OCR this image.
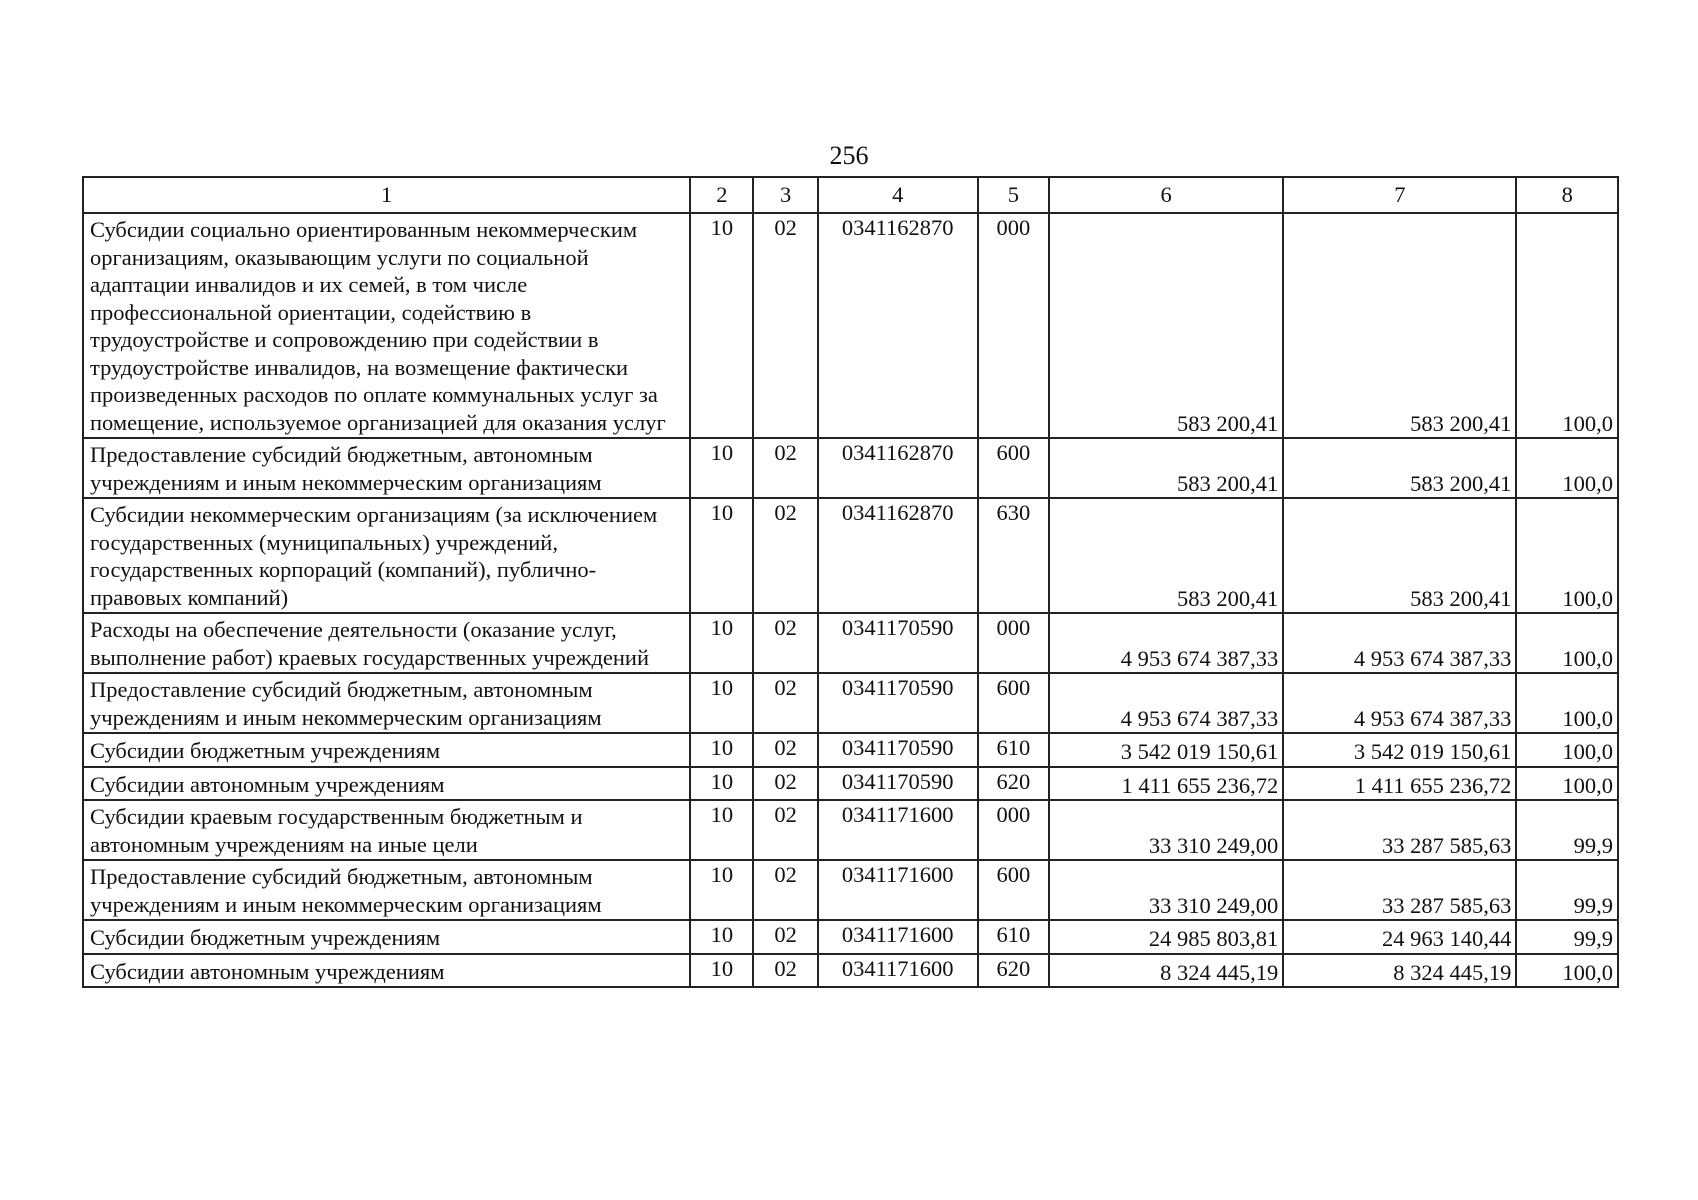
256
1	2	3	4	5	6	7	8
Субсидии социально ориентированным некоммерческим организациям, оказывающим услуги по социальной адаптации инвалидов и их семей, в том числе профессиональной ориентации, содействию в трудоустройстве и сопровождению при содействии в трудоустройстве инвалидов, на возмещение фактически произведенных расходов по оплате коммунальных услуг за помещение, используемое организацией для оказания услуг	10	02	0341162870	000	583 200,41	583 200,41	100,0
Предоставление субсидий бюджетным, автономным учреждениям и иным некоммерческим организациям	10	02	0341162870	600	583 200,41	583 200,41	100,0
Субсидии некоммерческим организациям (за исключением государственных (муниципальных) учреждений, государственных корпораций (компаний), публично-правовых компаний)	10	02	0341162870	630	583 200,41	583 200,41	100,0
Расходы на обеспечение деятельности (оказание услуг, выполнение работ) краевых государственных учреждений	10	02	0341170590	000	4 953 674 387,33	4 953 674 387,33	100,0
Предоставление субсидий бюджетным, автономным учреждениям и иным некоммерческим организациям	10	02	0341170590	600	4 953 674 387,33	4 953 674 387,33	100,0
Субсидии бюджетным учреждениям	10	02	0341170590	610	3 542 019 150,61	3 542 019 150,61	100,0
Субсидии автономным учреждениям	10	02	0341170590	620	1 411 655 236,72	1 411 655 236,72	100,0
Субсидии краевым государственным бюджетным и автономным учреждениям на иные цели	10	02	0341171600	000	33 310 249,00	33 287 585,63	99,9
Предоставление субсидий бюджетным, автономным учреждениям и иным некоммерческим организациям	10	02	0341171600	600	33 310 249,00	33 287 585,63	99,9
Субсидии бюджетным учреждениям	10	02	0341171600	610	24 985 803,81	24 963 140,44	99,9
Субсидии автономным учреждениям	10	02	0341171600	620	8 324 445,19	8 324 445,19	100,0
